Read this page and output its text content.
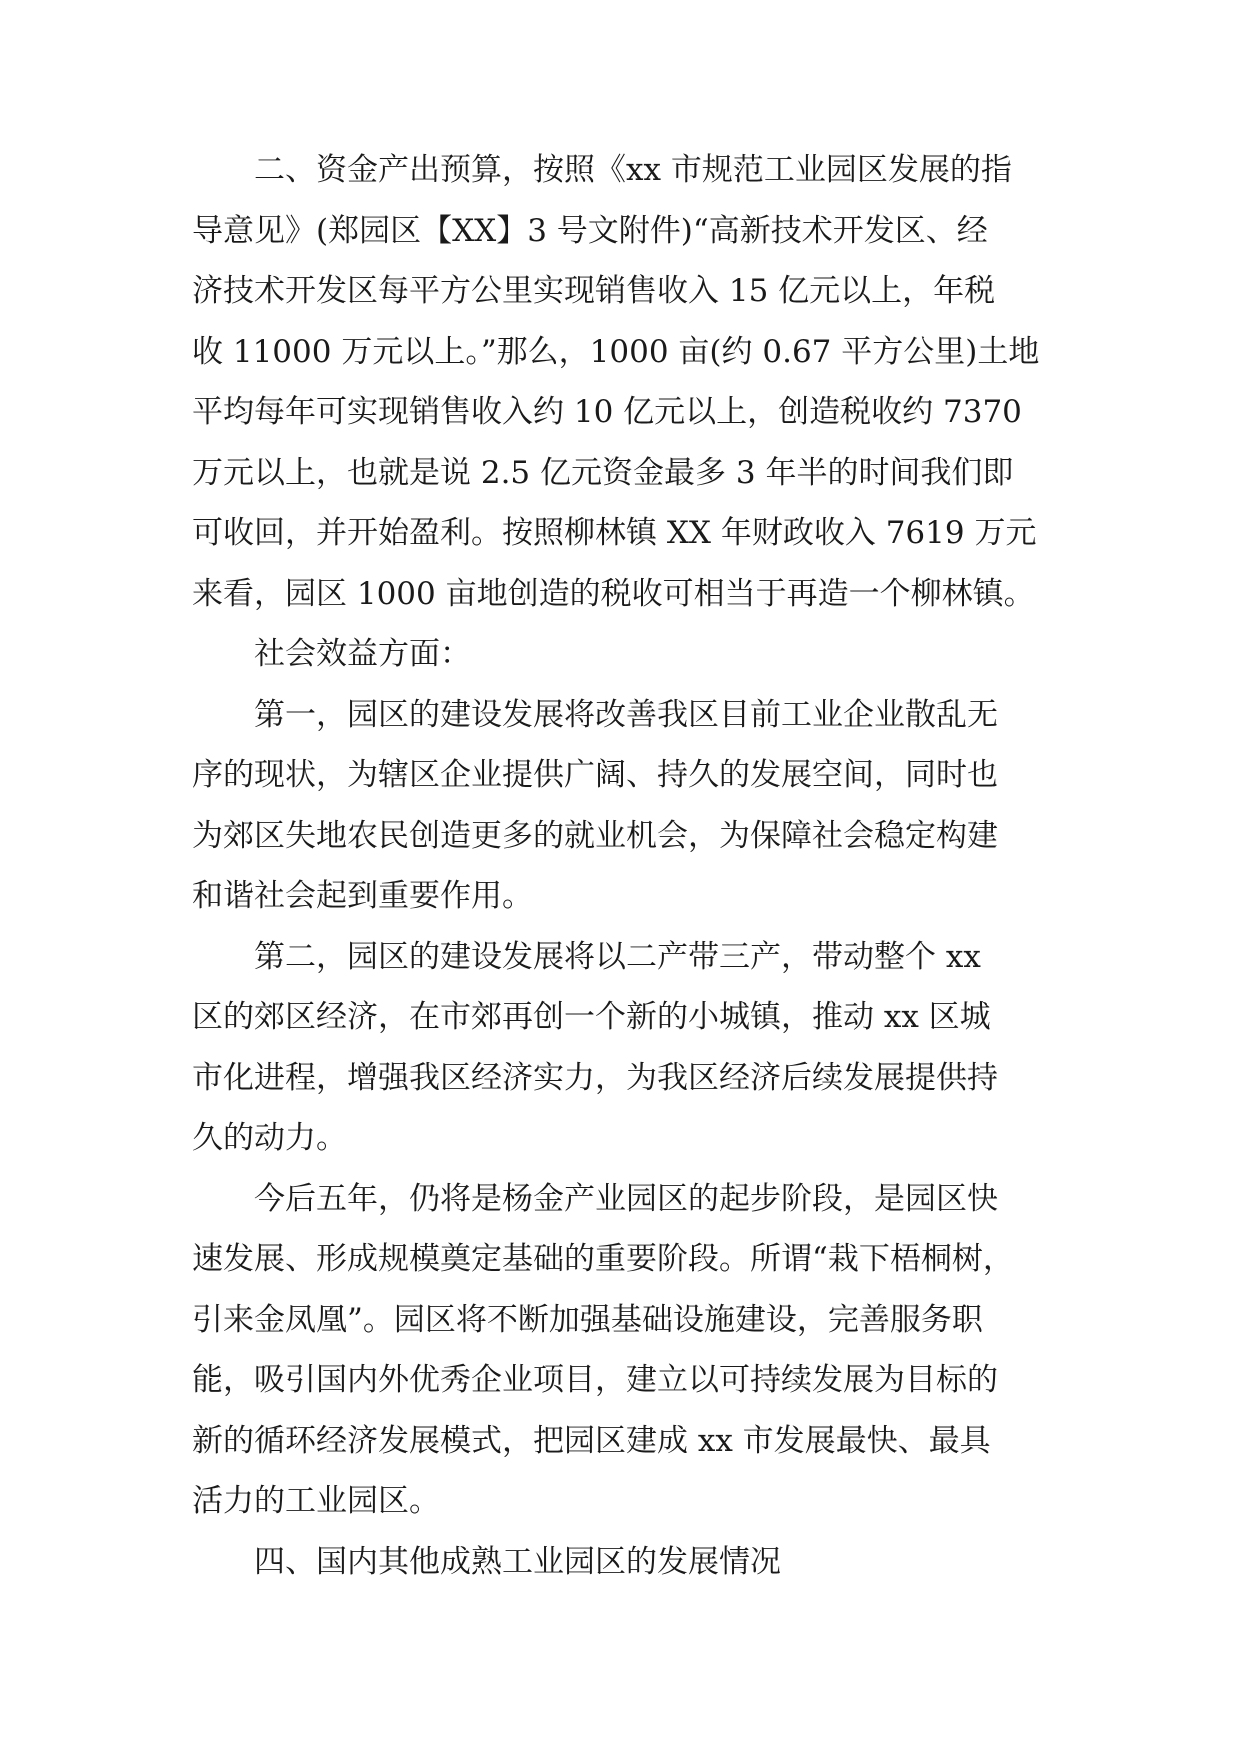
二、资金产出预算，按照《xx 市规范工业园区发展的指
导意见》(郑园区【XX】3 号文附件)“高新技术开发区、经
济技术开发区每平方公里实现销售收入 15 亿元以上，年税
收 11000 万元以上。”那么，1000 亩(约 0.67 平方公里)土地
平均每年可实现销售收入约 10 亿元以上，创造税收约 7370
万元以上，也就是说 2.5 亿元资金最多 3 年半的时间我们即
可收回，并开始盈利。按照柳林镇 XX 年财政收入 7619 万元
来看，园区 1000 亩地创造的税收可相当于再造一个柳林镇。
社会效益方面：
第一，园区的建设发展将改善我区目前工业企业散乱无
序的现状，为辖区企业提供广阔、持久的发展空间，同时也
为郊区失地农民创造更多的就业机会，为保障社会稳定构建
和谐社会起到重要作用。
第二，园区的建设发展将以二产带三产，带动整个 xx
区的郊区经济，在市郊再创一个新的小城镇，推动 xx 区城
市化进程，增强我区经济实力，为我区经济后续发展提供持
久的动力。
今后五年，仍将是杨金产业园区的起步阶段，是园区快
速发展、形成规模奠定基础的重要阶段。所谓“栽下梧桐树，
引来金凤凰”。园区将不断加强基础设施建设，完善服务职
能，吸引国内外优秀企业项目，建立以可持续发展为目标的
新的循环经济发展模式，把园区建成 xx 市发展最快、最具
活力的工业园区。
四、国内其他成熟工业园区的发展情况
